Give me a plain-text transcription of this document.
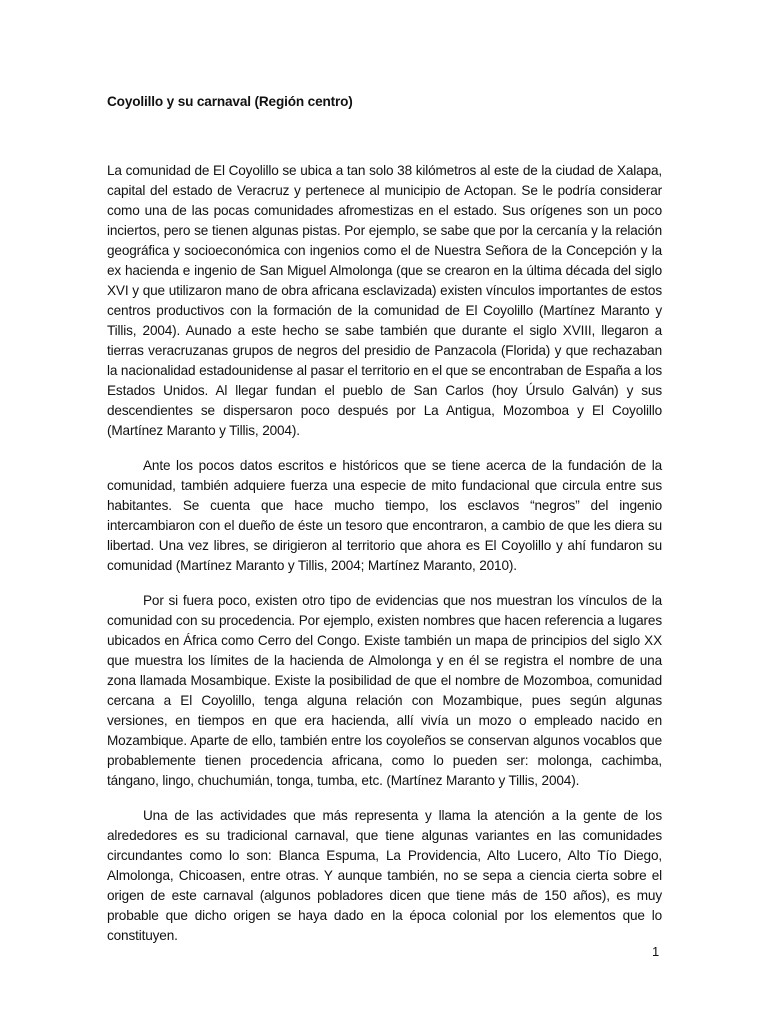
Coyolillo y su carnaval (Región centro)

La comunidad de El Coyolillo se ubica a tan solo 38 kilómetros al este de la ciudad de Xalapa, capital del estado de Veracruz y pertenece al municipio de Actopan. Se le podría considerar como una de las pocas comunidades afromestizas en el estado. Sus orígenes son un poco inciertos, pero se tienen algunas pistas. Por ejemplo, se sabe que por la cercanía y la relación geográfica y socioeconómica con ingenios como el de Nuestra Señora de la Concepción y la ex hacienda e ingenio de San Miguel Almolonga (que se crearon en la última década del siglo XVI y que utilizaron mano de obra africana esclavizada) existen vínculos importantes de estos centros productivos con la formación de la comunidad de El Coyolillo (Martínez Maranto y Tillis, 2004). Aunado a este hecho se sabe también que durante el siglo XVIII, llegaron a tierras veracruzanas grupos de negros del presidio de Panzacola (Florida) y que rechazaban la nacionalidad estadounidense al pasar el territorio en el que se encontraban de España a los Estados Unidos. Al llegar fundan el pueblo de San Carlos (hoy Úrsulo Galván) y sus descendientes se dispersaron poco después por La Antigua, Mozomboa y El Coyolillo (Martínez Maranto y Tillis, 2004).

Ante los pocos datos escritos e históricos que se tiene acerca de la fundación de la comunidad, también adquiere fuerza una especie de mito fundacional que circula entre sus habitantes. Se cuenta que hace mucho tiempo, los esclavos “negros” del ingenio intercambiaron con el dueño de éste un tesoro que encontraron, a cambio de que les diera su libertad. Una vez libres, se dirigieron al territorio que ahora es El Coyolillo y ahí fundaron su comunidad (Martínez Maranto y Tillis, 2004; Martínez Maranto, 2010).

Por si fuera poco, existen otro tipo de evidencias que nos muestran los vínculos de la comunidad con su procedencia. Por ejemplo, existen nombres que hacen referencia a lugares ubicados en África como Cerro del Congo. Existe también un mapa de principios del siglo XX que muestra los límites de la hacienda de Almolonga y en él se registra el nombre de una zona llamada Mosambique. Existe la posibilidad de que el nombre de Mozomboa, comunidad cercana a El Coyolillo, tenga alguna relación con Mozambique, pues según algunas versiones, en tiempos en que era hacienda, allí vivía un mozo o empleado nacido en Mozambique. Aparte de ello, también entre los coyoleños se conservan algunos vocablos que probablemente tienen procedencia africana, como lo pueden ser: molonga, cachimba, tángano, lingo, chuchumián, tonga, tumba, etc. (Martínez Maranto y Tillis, 2004).

Una de las actividades que más representa y llama la atención a la gente de los alrededores es su tradicional carnaval, que tiene algunas variantes en las comunidades circundantes como lo son: Blanca Espuma, La Providencia, Alto Lucero, Alto Tío Diego, Almolonga, Chicoasen, entre otras. Y aunque también, no se sepa a ciencia cierta sobre el origen de este carnaval (algunos pobladores dicen que tiene más de 150 años), es muy probable que dicho origen se haya dado en la época colonial por los elementos que lo constituyen.

1
